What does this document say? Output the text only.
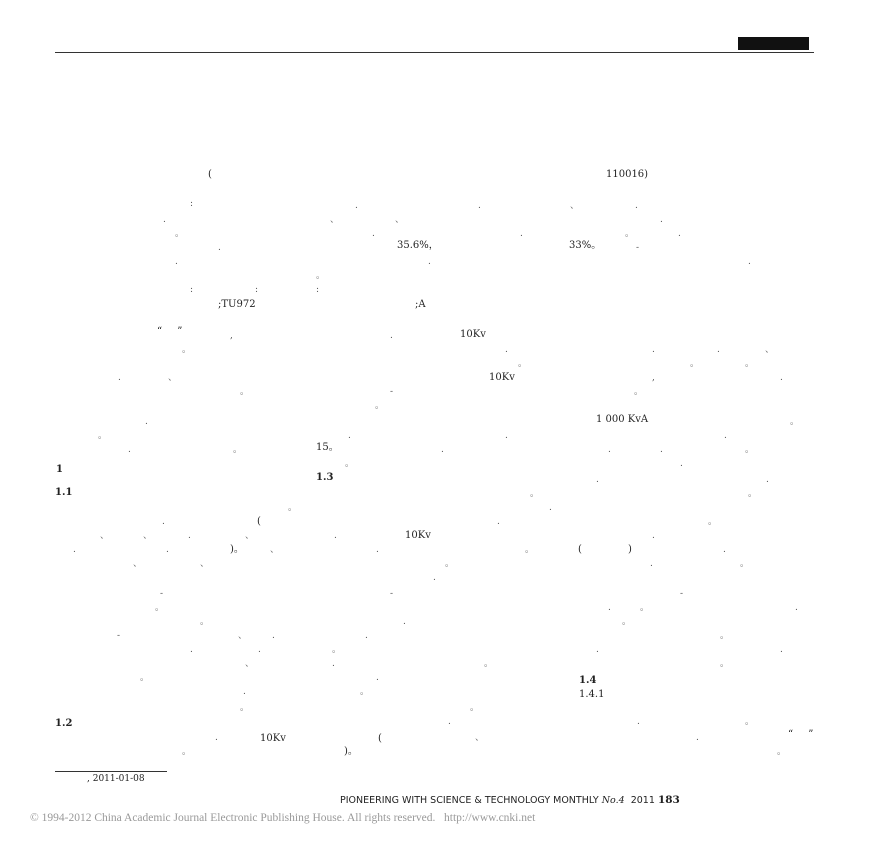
(	110016)
35.6%，	33%。
;TU972	;A
“ ”	10Kv
10Kv
1 000 KvA
15。
10Kv
10Kv
(
)。	(	)
(
)。
“ ”
1
1.1
1.2
1.3
1.4
1.4.1
:	.	.	、	.
.	、	、	.
。	.	.	。	.
.	-
.	.	.
。
:	:	:
,	.
。	.	.	.	、
。	。	。
.	、	,	.
。	-	。
。
.	。
。	.	.	.
.	。	.	.	.	。
。	.
.	.
。	。
.
。
.	.	。
、	、	.	、	.	.
.	.	、	.	。	.
、	、	。	.	。
.
-	-	-
。	.	。	.
。	.	。
-	、	.	.	。
.	.	。	.	.
、	.	。	。
。	.
.	。
。	。
.	.	。
.	、	.
。	。
, 2011-01-08
PIONEERING WITH SCIENCE & TECHNOLOGY MONTHLY No.4 2011 183
© 1994-2012 China Academic Journal Electronic Publishing House. All rights reserved. http://www.cnki.net
